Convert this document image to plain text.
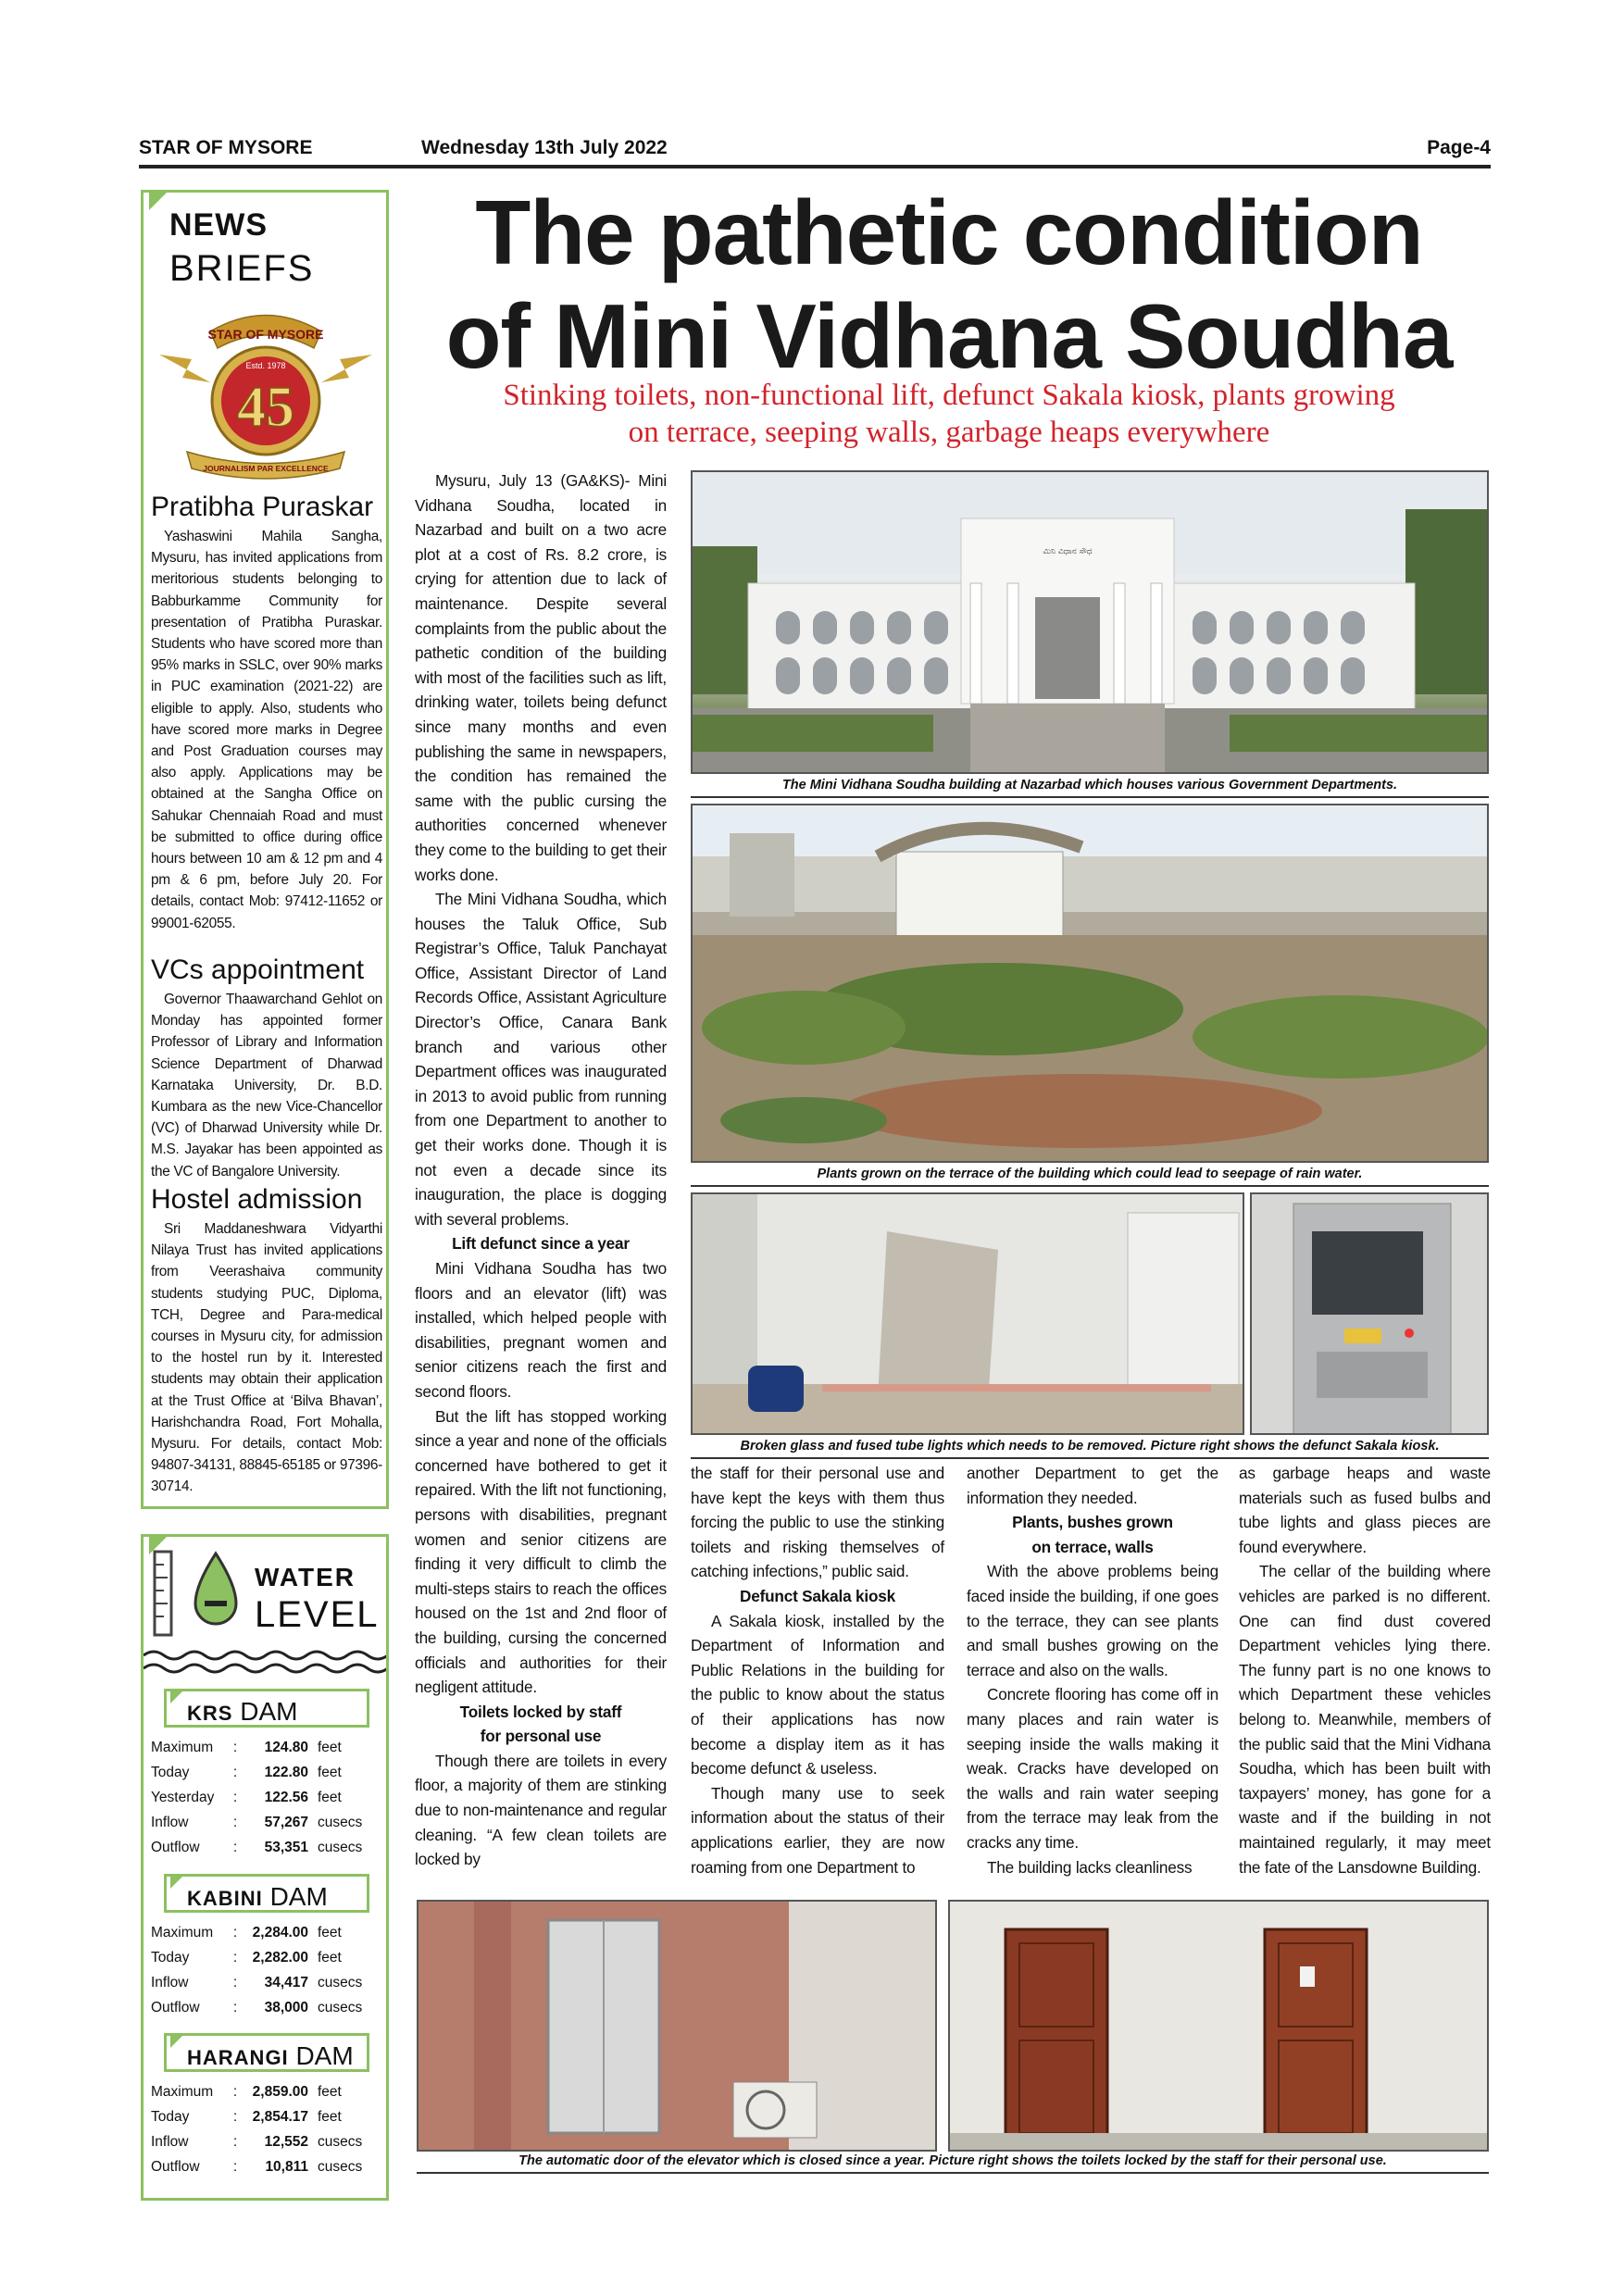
STAR OF MYSORE	Wednesday 13th July 2022	Page-4
The pathetic condition
of Mini Vidhana Soudha
Stinking toilets, non-functional lift, defunct Sakala kiosk, plants growing
on terrace, seeping walls, garbage heaps everywhere
NEWS
BRIEFS
STAR OF MYSORE
Estd. 1978
45
JOURNALISM PAR EXCELLENCE
Pratibha Puraskar

Yashaswini Mahila Sangha, Mysuru, has invited applications from meritorious students belonging to Babburkamme Community for presentation of Pratibha Puraskar. Students who have scored more than 95% marks in SSLC, over 90% marks in PUC examination (2021-22) are eligible to apply. Also, students who have scored more marks in Degree and Post Graduation courses may also apply. Applications may be obtained at the Sangha Office on Sahukar Chennaiah Road and must be submitted to office during office hours between 10 am & 12 pm and 4 pm & 6 pm, before July 20. For details, contact Mob: 97412-11652 or 99001-62055.

VCs appointment

Governor Thaawarchand Gehlot on Monday has appointed former Professor of Library and Information Science Department of Dharwad Karnataka University, Dr. B.D. Kumbara as the new Vice-Chancellor (VC) of Dharwad University while Dr. M.S. Jayakar has been appointed as the VC of Bangalore University.

Hostel admission

Sri Maddaneshwara Vidyarthi Nilaya Trust has invited applications from Veerashaiva community students studying PUC, Diploma, TCH, Degree and Para-medical courses in Mysuru city, for admission to the hostel run by it. Interested students may obtain their application at the Trust Office at ‘Bilva Bhavan’, Harishchandra Road, Fort Mohalla, Mysuru. For details, contact Mob: 94807-34131, 88845-65185 or 97396-30714.

WATER
LEVEL
KRS DAM
Maximum	:	124.80	feet
Today	:	122.80	feet
Yesterday	:	122.56	feet
Inflow	:	57,267	cusecs
Outflow	:	53,351	cusecs
KABINI DAM
Maximum	:	2,284.00	feet
Today	:	2,282.00	feet
Inflow	:	34,417	cusecs
Outflow	:	38,000	cusecs
HARANGI DAM
Maximum	:	2,859.00	feet
Today	:	2,854.17	feet
Inflow	:	12,552	cusecs
Outflow	:	10,811	cusecs

Mysuru, July 13 (GA&KS)- Mini Vidhana Soudha, located in Nazarbad and built on a two acre plot at a cost of Rs. 8.2 crore, is crying for attention due to lack of maintenance. Despite several complaints from the public about the pathetic condition of the building with most of the facilities such as lift, drinking water, toilets being defunct since many months and even publishing the same in newspapers, the condition has remained the same with the public cursing the authorities concerned whenever they come to the building to get their works done.

The Mini Vidhana Soudha, which houses the Taluk Office, Sub Registrar’s Office, Taluk Panchayat Office, Assistant Director of Land Records Office, Assistant Agriculture Director’s Office, Canara Bank branch and various other Department offices was inaugurated in 2013 to avoid public from running from one Department to another to get their works done. Though it is not even a decade since its inauguration, the place is dogging with several problems.

Lift defunct since a year

Mini Vidhana Soudha has two floors and an elevator (lift) was installed, which helped people with disabilities, pregnant women and senior citizens reach the first and second floors.

But the lift has stopped working since a year and none of the officials concerned have bothered to get it repaired. With the lift not functioning, persons with disabilities, pregnant women and senior citizens are finding it very difficult to climb the multi-steps stairs to reach the offices housed on the 1st and 2nd floor of the building, cursing the concerned officials and authorities for their negligent attitude.

Toilets locked by staff

for personal use

Though there are toilets in every floor, a majority of them are stinking due to non-maintenance and regular cleaning. “A few clean toilets are locked by

ಮಿನಿ ವಿಧಾನ ಸೌಧ
The Mini Vidhana Soudha building at Nazarbad which houses various Government Departments.
Plants grown on the terrace of the building which could lead to seepage of rain water.
Broken glass and fused tube lights which needs to be removed. Picture right shows the defunct Sakala kiosk.

the staff for their personal use and have kept the keys with them thus forcing the public to use the stinking toilets and risking themselves of catching infections,” public said.

Defunct Sakala kiosk

A Sakala kiosk, installed by the Department of Information and Public Relations in the building for the public to know about the status of their applications has now become a display item as it has become defunct & useless.

Though many use to seek information about the status of their applications earlier, they are now roaming from one Department to

another Department to get the information they needed.

Plants, bushes grown

on terrace, walls

With the above problems being faced inside the building, if one goes to the terrace, they can see plants and small bushes growing on the terrace and also on the walls.

Concrete flooring has come off in many places and rain water is seeping inside the walls making it weak. Cracks have developed on the walls and rain water seeping from the terrace may leak from the cracks any time.

The building lacks cleanliness

as garbage heaps and waste materials such as fused bulbs and tube lights and glass pieces are found everywhere.

The cellar of the building where vehicles are parked is no different. One can find dust covered Department vehicles lying there. The funny part is no one knows to which Department these vehicles belong to. Meanwhile, members of the public said that the Mini Vidhana Soudha, which has been built with taxpayers’ money, has gone for a waste and if the building in not maintained regularly, it may meet the fate of the Lansdowne Building.

The automatic door of the elevator which is closed since a year. Picture right shows the toilets locked by the staff for their personal use.
